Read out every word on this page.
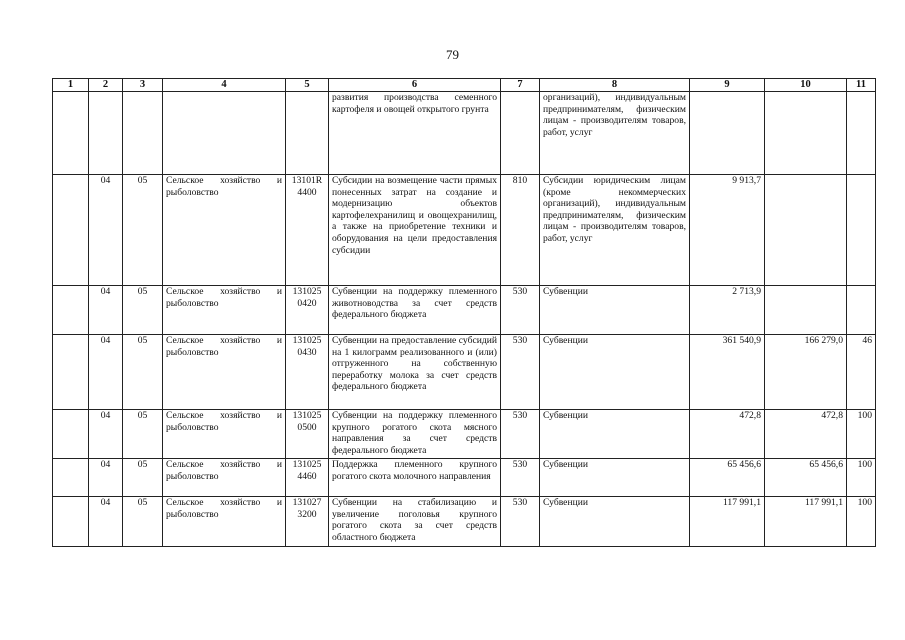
79
1	2	3	4	5	6	7	8	9	10	11
					развития производства семенного картофеля и овощей открытого грунта		организаций), индивидуальным предпринимателям, физическим лицам - производителям товаров, работ, услуг			
	04	05	Сельское хозяйство и рыболовство	13101R 4400	Субсидии на возмещение части прямых понесенных затрат на создание и модернизацию объектов картофелехранилищ и овощехранилищ, а также на приобретение техники и оборудования на цели предоставления субсидии	810	Субсидии юридическим лицам (кроме некоммерческих организаций), индивидуальным предпринимателям, физическим лицам - производителям товаров, работ, услуг	9 913,7		
	04	05	Сельское хозяйство и рыболовство	131025 0420	Субвенции на поддержку племенного животноводства за счет средств федерального бюджета	530	Субвенции	2 713,9		
	04	05	Сельское хозяйство и рыболовство	131025 0430	Субвенции на предоставление субсидий на 1 килограмм реализованного и (или) отгруженного на собственную переработку молока за счет средств федерального бюджета	530	Субвенции	361 540,9	166 279,0	46
	04	05	Сельское хозяйство и рыболовство	131025 0500	Субвенции на поддержку племенного крупного рогатого скота мясного направления за счет средств федерального бюджета	530	Субвенции	472,8	472,8	100
	04	05	Сельское хозяйство и рыболовство	131025 4460	Поддержка племенного крупного рогатого скота молочного направления	530	Субвенции	65 456,6	65 456,6	100
	04	05	Сельское хозяйство и рыболовство	131027 3200	Субвенции на стабилизацию и увеличение поголовья крупного рогатого скота за счет средств областного бюджета	530	Субвенции	117 991,1	117 991,1	100
